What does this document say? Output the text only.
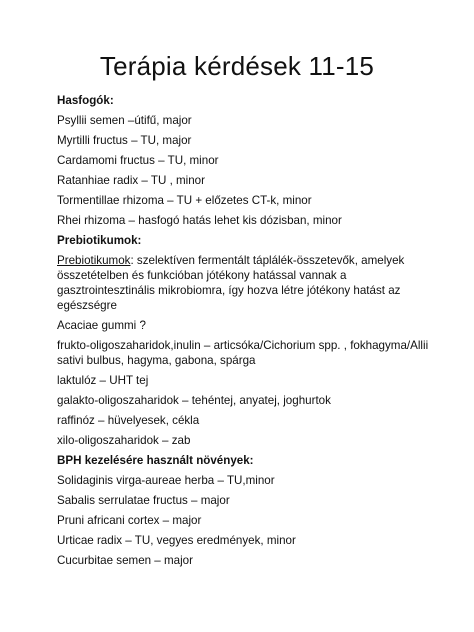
Terápia kérdések 11-15

Hasfogók:

Psyllii semen –útifű, major

Myrtilli fructus – TU, major

Cardamomi fructus – TU, minor

Ratanhiae radix – TU , minor

Tormentillae rhizoma – TU + előzetes CT-k, minor

Rhei rhizoma – hasfogó hatás lehet kis dózisban, minor

Prebiotikumok:

Prebiotikumok: szelektíven fermentált táplálék-összetevők, amelyek összetételben és funkcióban jótékony hatással vannak a gasztrointesztinális mikrobiomra, így hozva létre jótékony hatást az egészségre

Acaciae gummi ?

frukto-oligoszaharidok,inulin – articsóka/Cichorium spp. , fokhagyma/Allii sativi bulbus, hagyma, gabona, spárga

laktulóz – UHT tej

galakto-oligoszaharidok – tehéntej, anyatej, joghurtok

raffinóz – hüvelyesek, cékla

xilo-oligoszaharidok – zab

BPH kezelésére használt növények:

Solidaginis virga-aureae herba – TU,minor

Sabalis serrulatae fructus – major

Pruni africani cortex – major

Urticae radix – TU, vegyes eredmények, minor

Cucurbitae semen – major
